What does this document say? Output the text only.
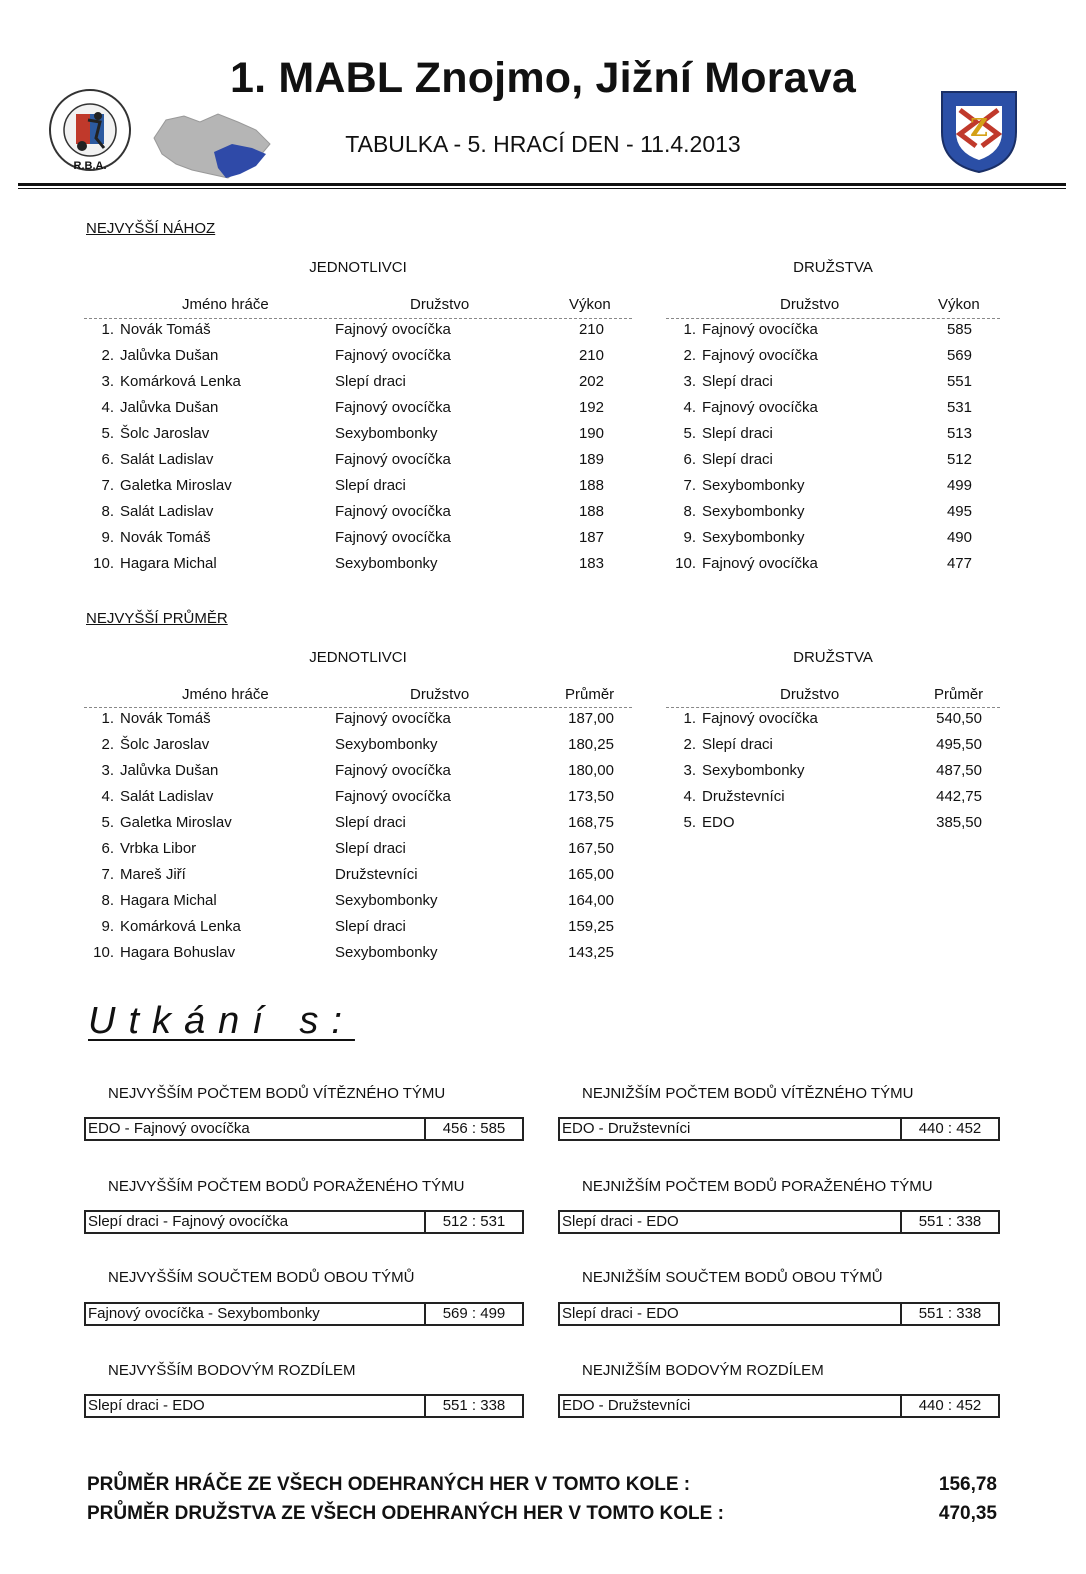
R.B.A.
1. MABL Znojmo, Jižní Morava
TABULKA - 5. HRACÍ DEN - 11.4.2013
Z
NEJVYŠŠÍ NÁHOZ
JEDNOTLIVCI	DRUŽSTVA
Jméno hráče	Družstvo	Výkon	Družstvo	Výkon
1. Novák Tomáš	Fajnový ovocíčka	210
2. Jalůvka Dušan	Fajnový ovocíčka	210
3. Komárková Lenka	Slepí draci	202
4. Jalůvka Dušan	Fajnový ovocíčka	192
5. Šolc Jaroslav	Sexybombonky	190
6. Salát Ladislav	Fajnový ovocíčka	189
7. Galetka Miroslav	Slepí draci	188
8. Salát Ladislav	Fajnový ovocíčka	188
9. Novák Tomáš	Fajnový ovocíčka	187
10. Hagara Michal	Sexybombonky	183
1. Fajnový ovocíčka	585
2. Fajnový ovocíčka	569
3. Slepí draci	551
4. Fajnový ovocíčka	531
5. Slepí draci	513
6. Slepí draci	512
7. Sexybombonky	499
8. Sexybombonky	495
9. Sexybombonky	490
10. Fajnový ovocíčka	477
NEJVYŠŠÍ PRŮMĚR
JEDNOTLIVCI	DRUŽSTVA
Jméno hráče	Družstvo	Průměr	Družstvo	Průměr
1. Novák Tomáš	Fajnový ovocíčka	187,00
2. Šolc Jaroslav	Sexybombonky	180,25
3. Jalůvka Dušan	Fajnový ovocíčka	180,00
4. Salát Ladislav	Fajnový ovocíčka	173,50
5. Galetka Miroslav	Slepí draci	168,75
6. Vrbka Libor	Slepí draci	167,50
7. Mareš Jiří	Družstevníci	165,00
8. Hagara Michal	Sexybombonky	164,00
9. Komárková Lenka	Slepí draci	159,25
10. Hagara Bohuslav	Sexybombonky	143,25
1. Fajnový ovocíčka	540,50
2. Slepí draci	495,50
3. Sexybombonky	487,50
4. Družstevníci	442,75
5. EDO	385,50
Utkání s:
NEJVYŠŠÍM POČTEM BODŮ VÍTĚZNÉHO TÝMU
EDO - Fajnový ovocíčka	456 : 585
NEJNIŽŠÍM POČTEM BODŮ VÍTĚZNÉHO TÝMU
EDO - Družstevníci	440 : 452
NEJVYŠŠÍM POČTEM BODŮ PORAŽENÉHO TÝMU
Slepí draci - Fajnový ovocíčka	512 : 531
NEJNIŽŠÍM POČTEM BODŮ PORAŽENÉHO TÝMU
Slepí draci - EDO	551 : 338
NEJVYŠŠÍM SOUČTEM BODŮ OBOU TÝMŮ
Fajnový ovocíčka - Sexybombonky	569 : 499
NEJNIŽŠÍM SOUČTEM BODŮ OBOU TÝMŮ
Slepí draci - EDO	551 : 338
NEJVYŠŠÍM BODOVÝM ROZDÍLEM
Slepí draci - EDO	551 : 338
NEJNIŽŠÍM BODOVÝM ROZDÍLEM
EDO - Družstevníci	440 : 452
PRŮMĚR HRÁČE ZE VŠECH ODEHRANÝCH HER V TOMTO KOLE :	156,78
PRŮMĚR DRUŽSTVA ZE VŠECH ODEHRANÝCH HER V TOMTO KOLE :	470,35
